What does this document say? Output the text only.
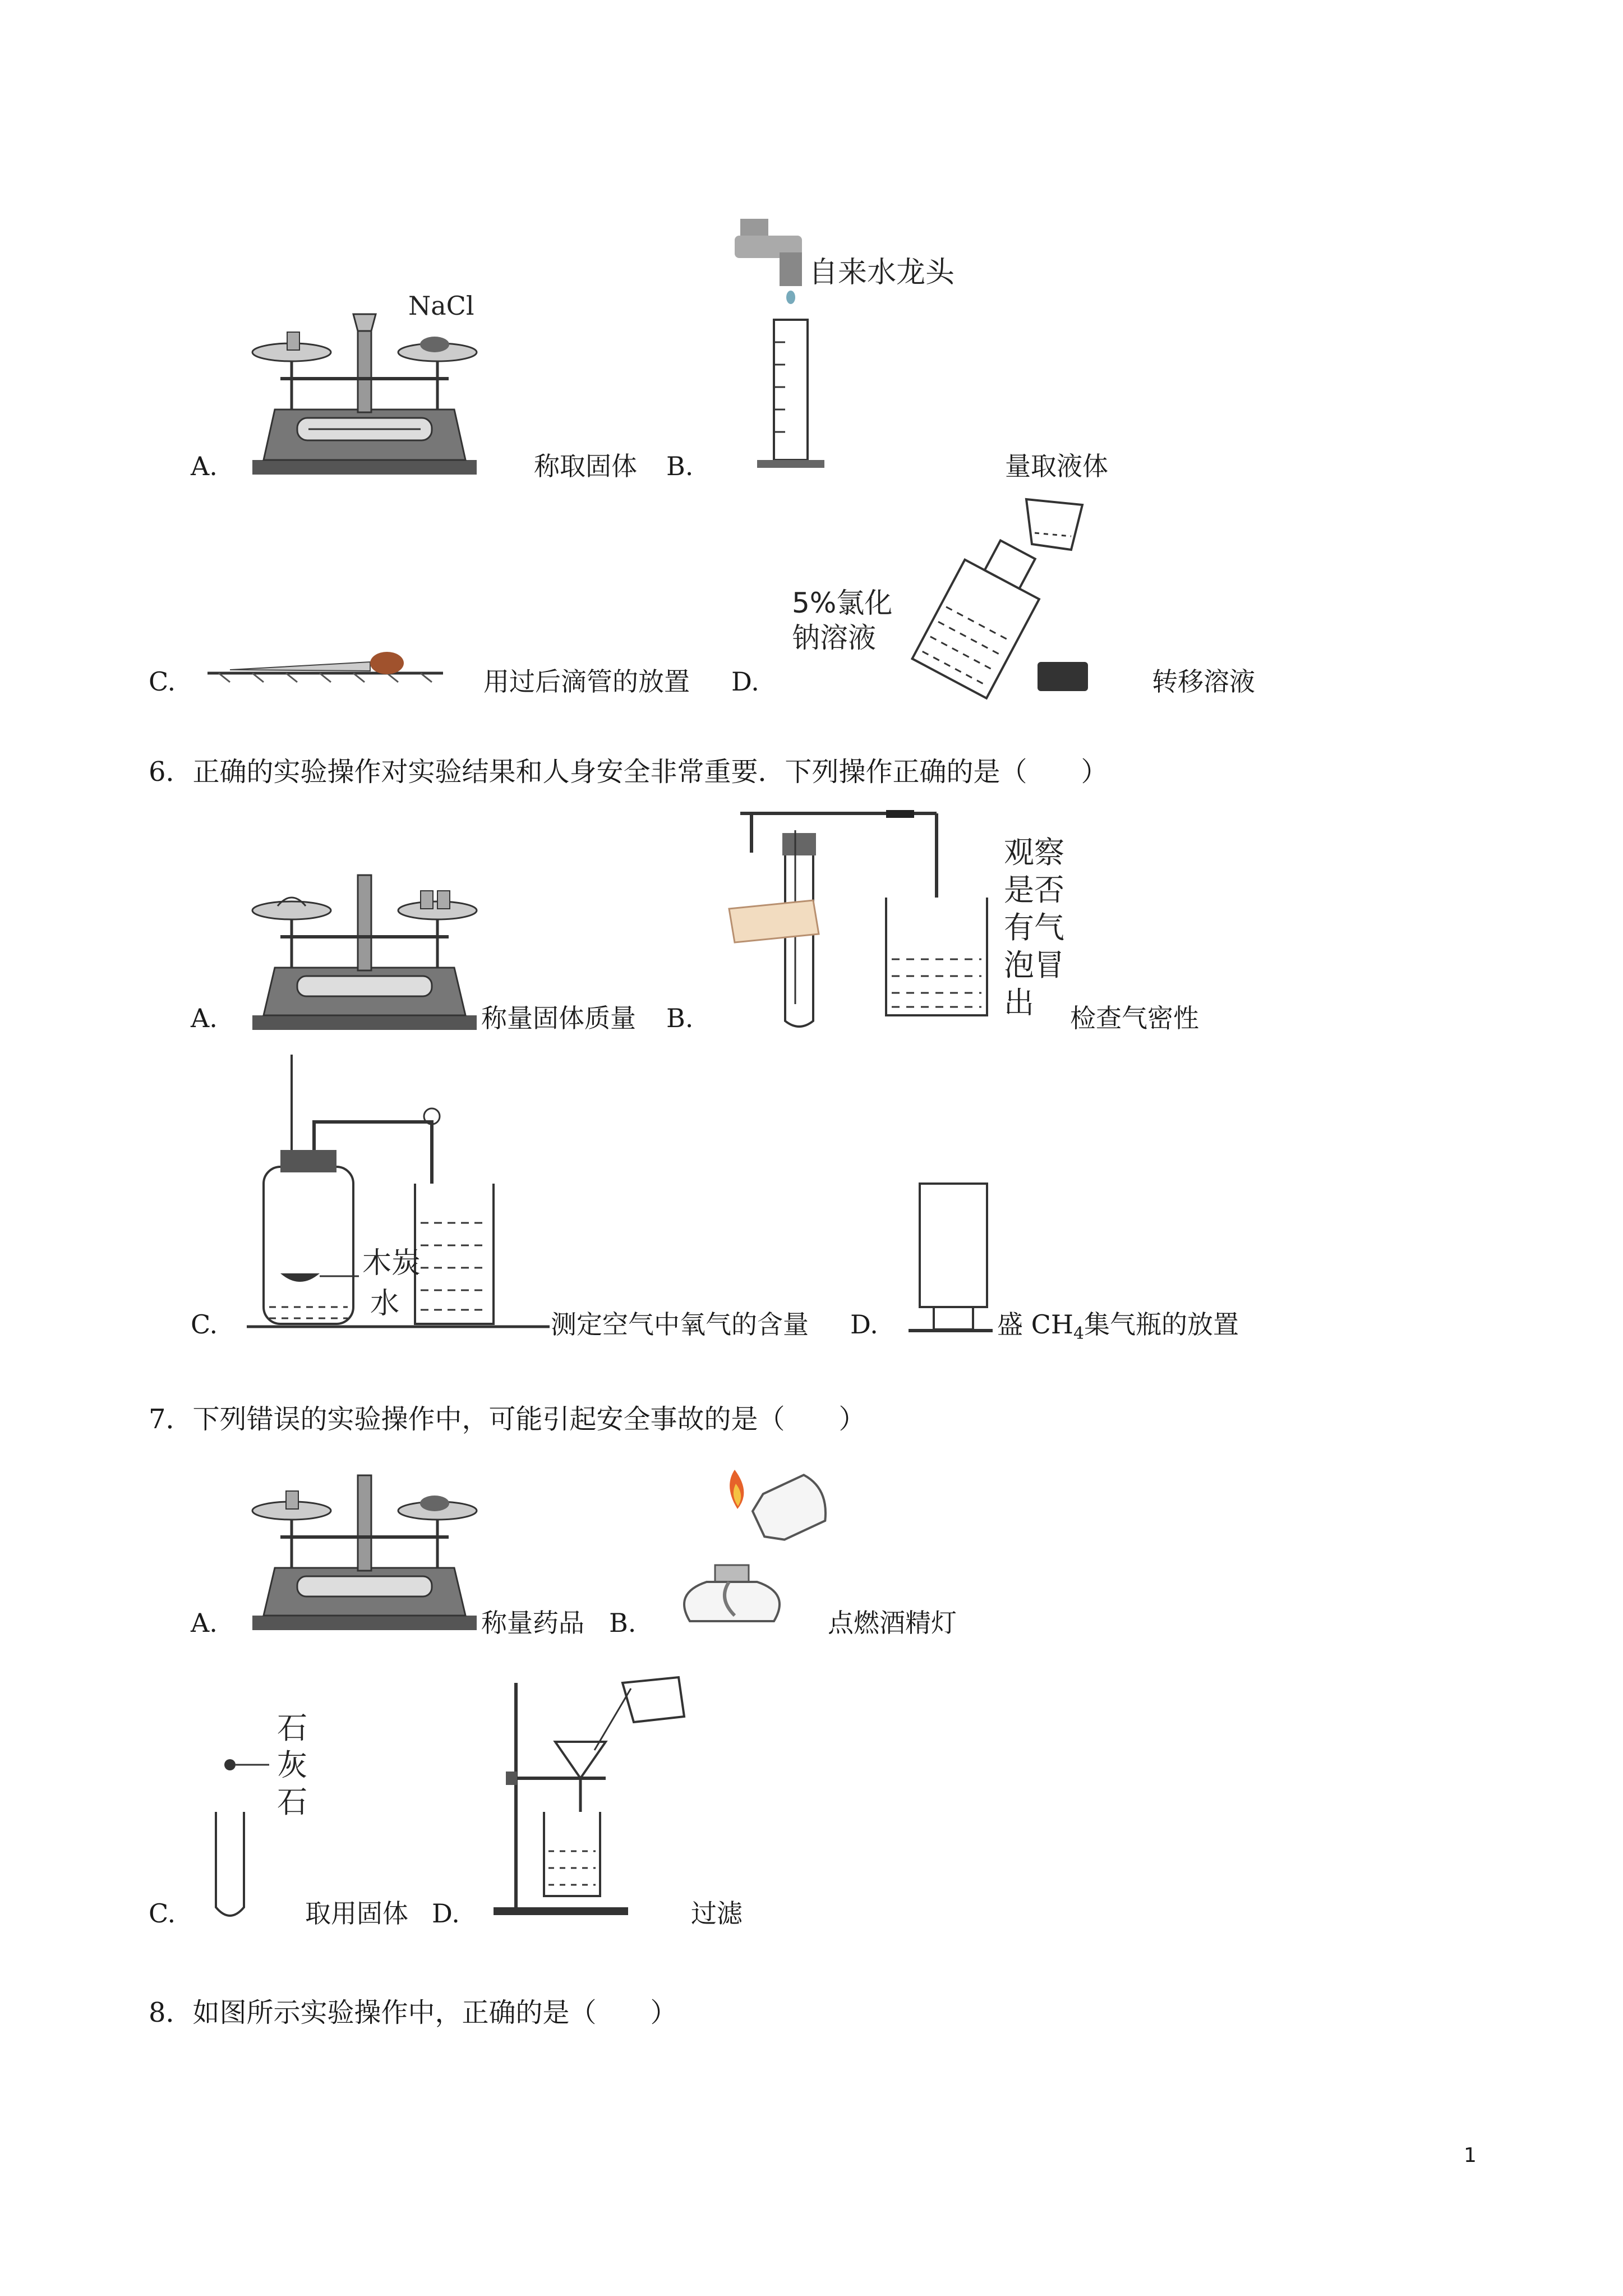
A.
NaCl
称取固体 B.
自来水龙头
量取液体
C.	用过后滴管的放置 D.
5%氯化
钠溶液
转移溶液
6．正确的实验操作对实验结果和人身安全非常重要．下列操作正确的是（　　）
A.	称量固体质量 B.
观察
是否
有气
泡冒
出 检查气密性
C.
木炭
水
测定空气中氧气的含量 D.	盛 $CH_4$集气瓶的放置
7．下列错误的实验操作中，可能引起安全事故的是（　　）
A.	称量药品 B.	点燃酒精灯
C.
石
灰
石
取用固体 D.	过滤
8．如图所示实验操作中，正确的是（　　）
1
